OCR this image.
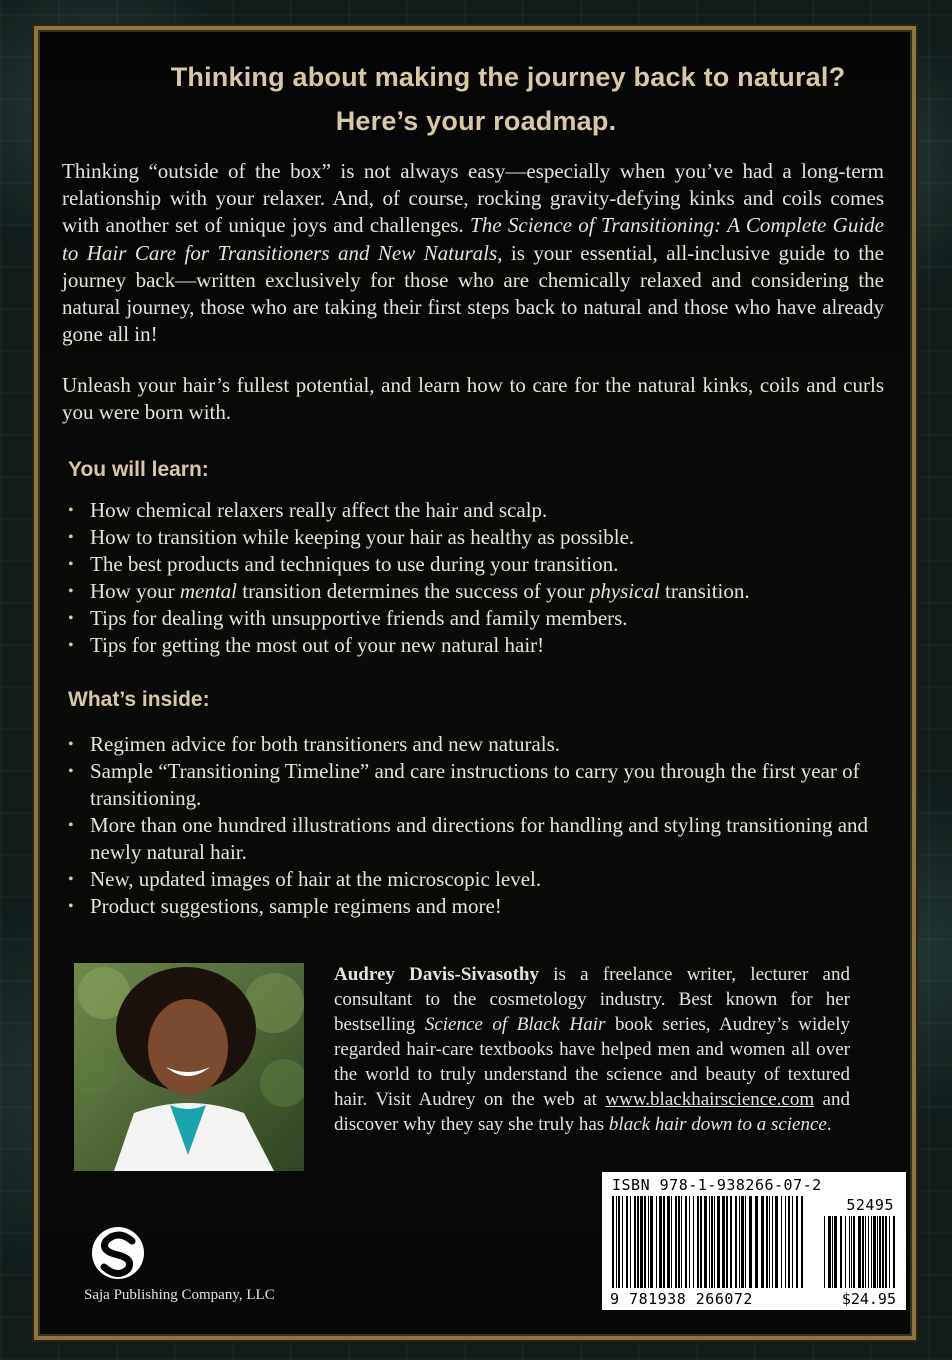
Thinking about making the journey back to natural?
Here’s your roadmap.

Thinking “outside of the box” is not always easy—especially when you’ve had a long-term relationship with your relaxer. And, of course, rocking gravity-defying kinks and coils comes with another set of unique joys and challenges. The Science of Transitioning: A Complete Guide to Hair Care for Transitioners and New Naturals, is your essential, all-inclusive guide to the journey back—written exclusively for those who are chemically relaxed and considering the natural journey, those who are taking their first steps back to natural and those who have already gone all in!

Unleash your hair’s fullest potential, and learn how to care for the natural kinks, coils and curls you were born with.

You will learn:
• How chemical relaxers really affect the hair and scalp.
• How to transition while keeping your hair as healthy as possible.
• The best products and techniques to use during your transition.
• How your mental transition determines the success of your physical transition.
• Tips for dealing with unsupportive friends and family members.
• Tips for getting the most out of your new natural hair!
What’s inside:
• Regimen advice for both transitioners and new naturals.
• Sample “Transitioning Timeline” and care instructions to carry you through the first year of transitioning.
• More than one hundred illustrations and directions for handling and styling transitioning and newly natural hair.
• New, updated images of hair at the microscopic level.
• Product suggestions, sample regimens and more!

Audrey Davis-Sivasothy is a freelance writer, lecturer and consultant to the cosmetology industry. Best known for her bestselling Science of Black Hair book series, Audrey’s widely regarded hair-care textbooks have helped men and women all over the world to truly understand the science and beauty of textured hair. Visit Audrey on the web at www.blackhairscience.com and discover why they say she truly has black hair down to a science.

Saja Publishing Company, LLC
ISBN 978-1-938266-07-2
52495
9 781938 266072	$24.95
